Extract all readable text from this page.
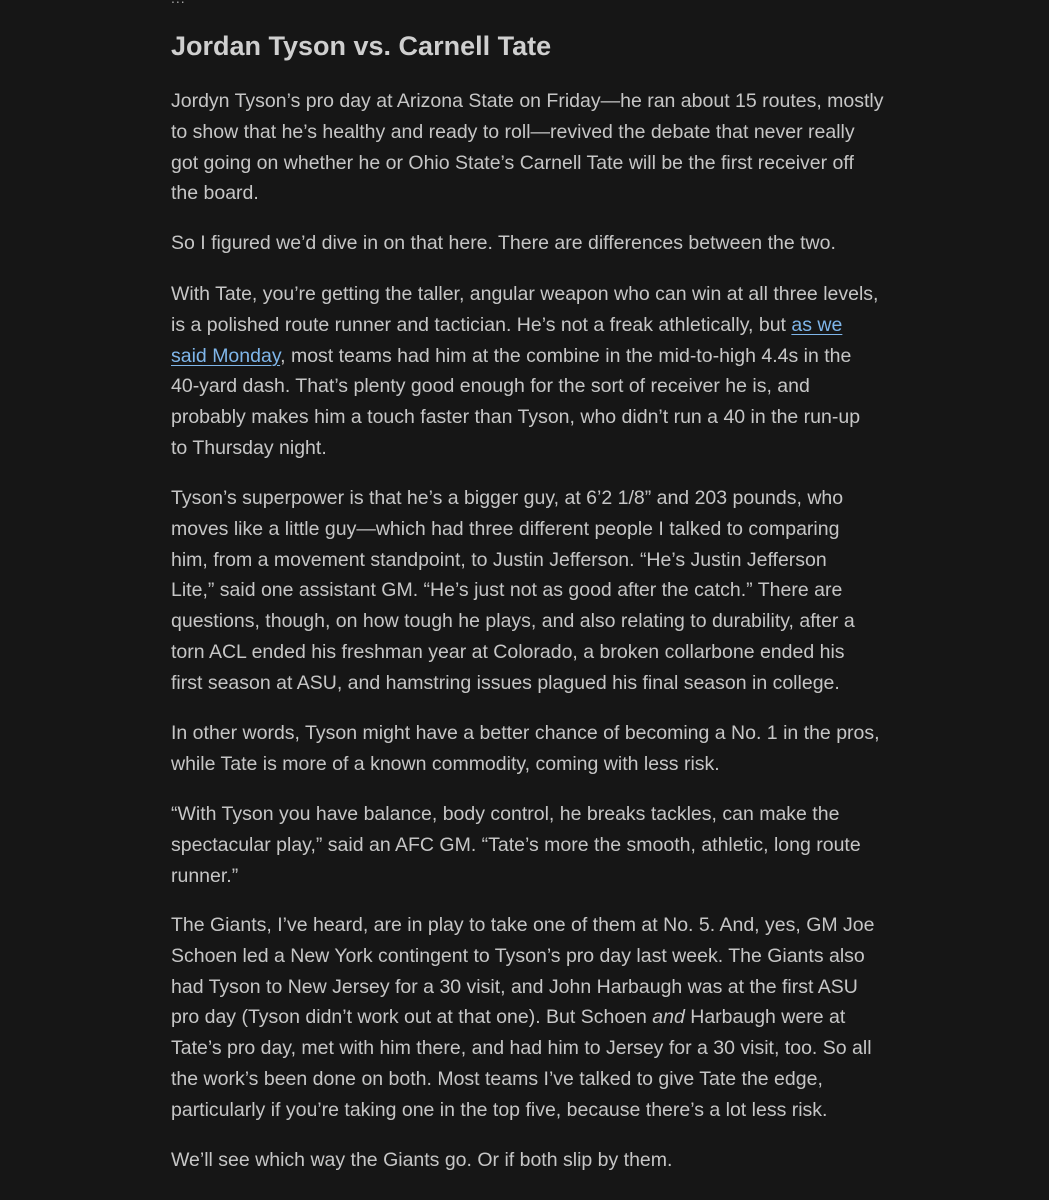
Jordan Tyson vs. Carnell Tate

Jordyn Tyson’s pro day at Arizona State on Friday—he ran about 15 routes, mostly
to show that he’s healthy and ready to roll—revived the debate that never really
got going on whether he or Ohio State’s Carnell Tate will be the first receiver off
the board.

So I figured we’d dive in on that here. There are differences between the two.

With Tate, you’re getting the taller, angular weapon who can win at all three levels,
is a polished route runner and tactician. He’s not a freak athletically, but as we
said Monday, most teams had him at the combine in the mid-to-high 4.4s in the
40-yard dash. That’s plenty good enough for the sort of receiver he is, and
probably makes him a touch faster than Tyson, who didn’t run a 40 in the run-up
to Thursday night.

Tyson’s superpower is that he’s a bigger guy, at 6’2 1/8” and 203 pounds, who
moves like a little guy—which had three different people I talked to comparing
him, from a movement standpoint, to Justin Jefferson. “He’s Justin Jefferson
Lite,” said one assistant GM. “He’s just not as good after the catch.” There are
questions, though, on how tough he plays, and also relating to durability, after a
torn ACL ended his freshman year at Colorado, a broken collarbone ended his
first season at ASU, and hamstring issues plagued his final season in college.

In other words, Tyson might have a better chance of becoming a No. 1 in the pros,
while Tate is more of a known commodity, coming with less risk.

“With Tyson you have balance, body control, he breaks tackles, can make the
spectacular play,” said an AFC GM. “Tate’s more the smooth, athletic, long route
runner.”

The Giants, I’ve heard, are in play to take one of them at No. 5. And, yes, GM Joe
Schoen led a New York contingent to Tyson’s pro day last week. The Giants also
had Tyson to New Jersey for a 30 visit, and John Harbaugh was at the first ASU
pro day (Tyson didn’t work out at that one). But Schoen and Harbaugh were at
Tate’s pro day, met with him there, and had him to Jersey for a 30 visit, too. So all
the work’s been done on both. Most teams I’ve talked to give Tate the edge,
particularly if you’re taking one in the top five, because there’s a lot less risk.

We’ll see which way the Giants go. Or if both slip by them.
